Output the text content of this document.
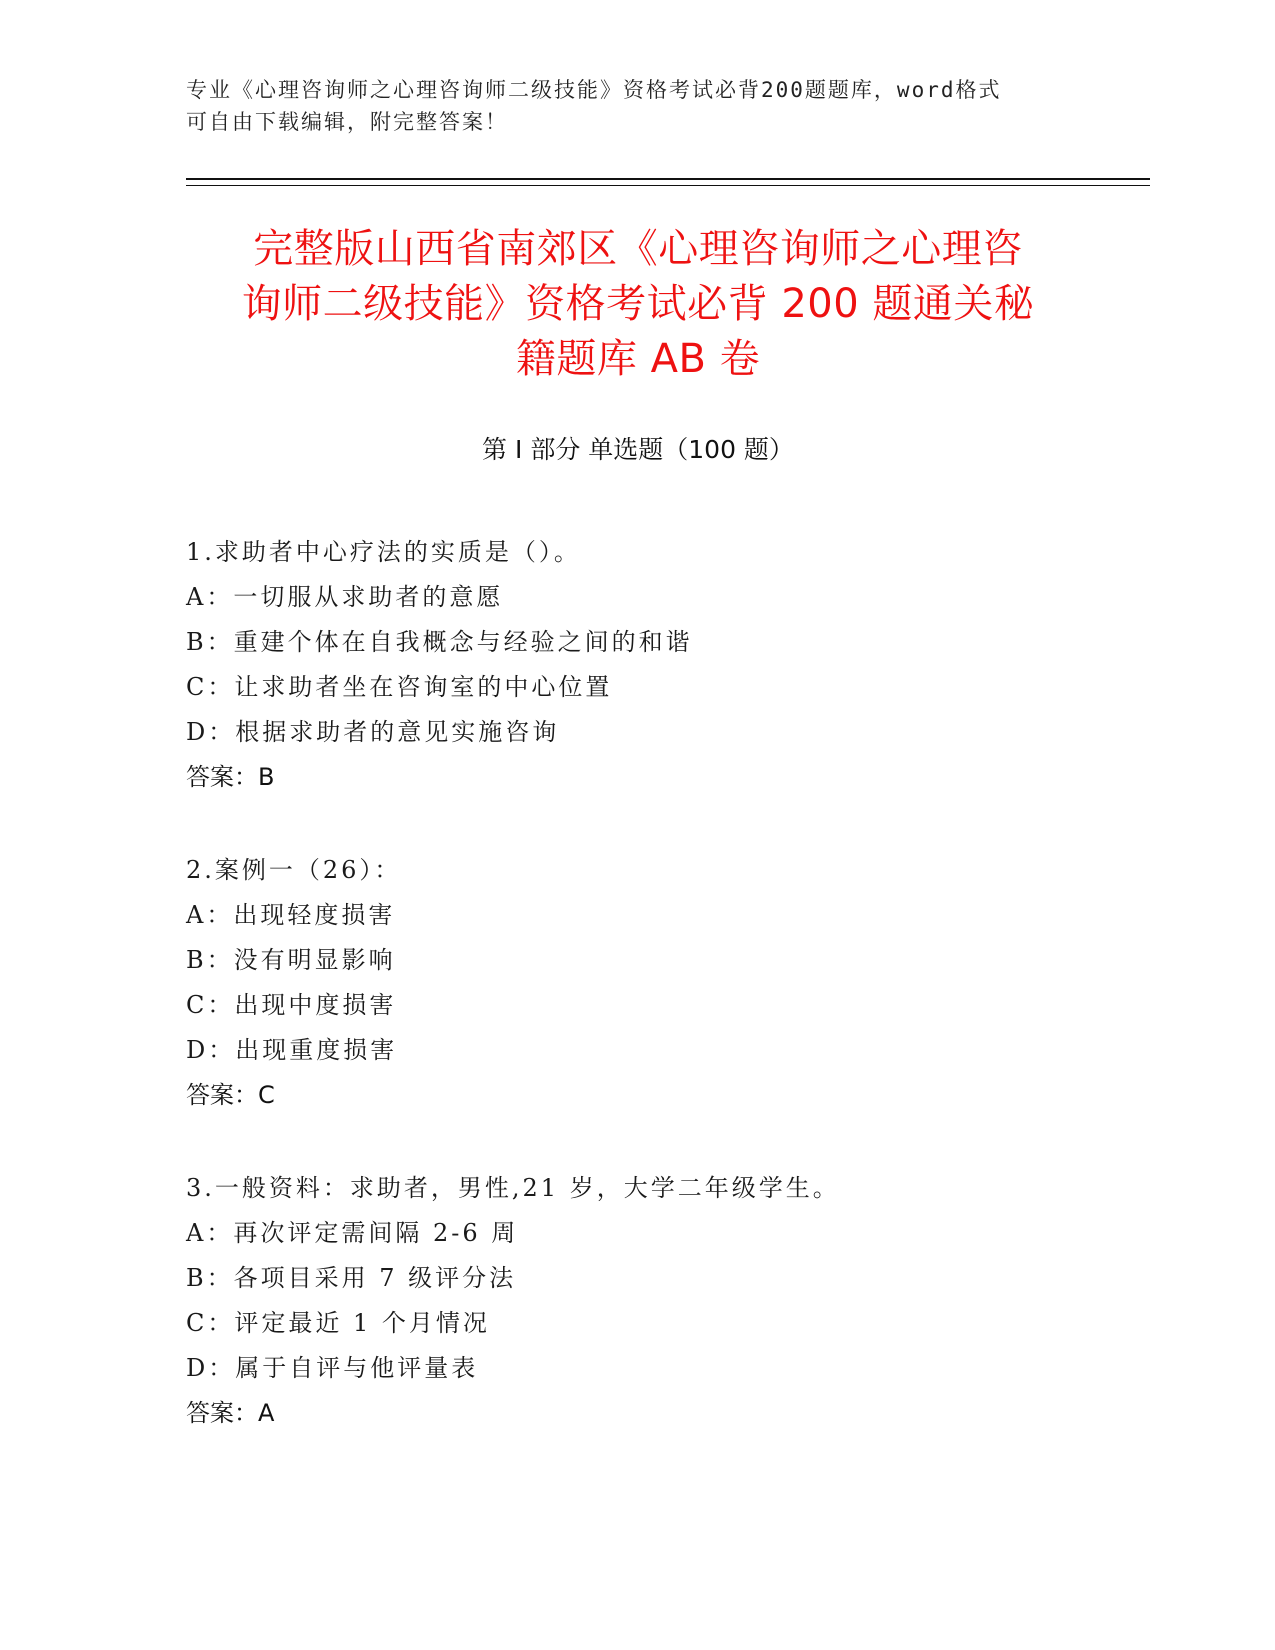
专业《心理咨询师之心理咨询师二级技能》资格考试必背200题题库，word格式
可自由下载编辑，附完整答案！
完整版山西省南郊区《心理咨询师之心理咨
询师二级技能》资格考试必背 200 题通关秘
籍题库 AB 卷
第 I 部分 单选题（100 题）
1.求助者中心疗法的实质是（）。
A：一切服从求助者的意愿
B：重建个体在自我概念与经验之间的和谐
C：让求助者坐在咨询室的中心位置
D：根据求助者的意见实施咨询
答案：B
2.案例一（26）：
A：出现轻度损害
B：没有明显影响
C：出现中度损害
D：出现重度损害
答案：C
3.一般资料：求助者，男性,21 岁，大学二年级学生。
A：再次评定需间隔 2-6 周
B：各项目采用 7 级评分法
C：评定最近 1 个月情况
D：属于自评与他评量表
答案：A
